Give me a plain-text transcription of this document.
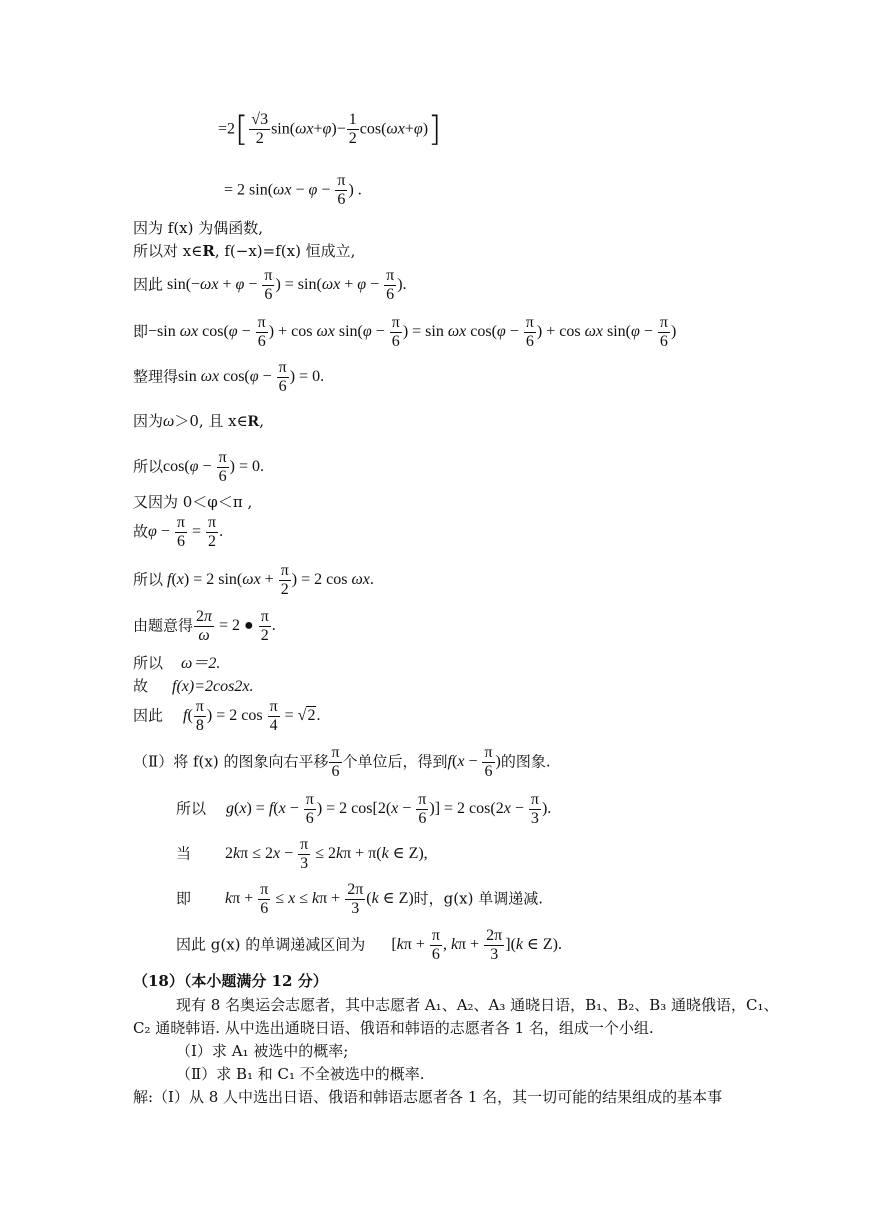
$=2[ \frac{√3}{2} \sin(\omega x+\varphi)- \frac{1}{2} \cos(\omega x+\varphi)]$
= 2 $\sin(\omega x - \varphi - \frac{\pi}{6}$ ) .
因为 f(x) 为偶函数,
所以对 x∈R, f(−x)=f(x) 恒成立,
因此 $\sin(-\omega x + \varphi - \frac{\pi}{6}$ ) = $\sin(\omega x + \varphi - \frac{\pi}{6}$ ).
即−sin ωx $\cos(\varphi - \frac{\pi}{6}$ ) + cos ωx $\sin(\varphi - \frac{\pi}{6}$ ) = sin ωx $\cos(\varphi - \frac{\pi}{6}$ ) + cos ωx $\sin(\varphi - \frac{\pi}{6}$ )
整理得sin ωx $\cos(\varphi - \frac{\pi}{6}$ ) = 0.
因为ω＞0, 且 x∈R,
所以$\cos(\varphi - \frac{\pi}{6}$ ) = 0.
又因为 0＜φ＜π ,
故$\varphi - \frac{\pi}{6} = \frac{\pi}{2}$ .
所以 f(x) = 2 $\sin(\omega x + \frac{\pi}{2}$ ) = 2 cos ωx.
由题意得 $\frac{2\pi}{\omega} = 2$ ● $\frac{\pi}{2}$ .
所以 ω＝2.
故 f(x)=2cos2x.
因此 $f( \frac{\pi}{8}$ ) = 2 $\cos \frac{\pi}{4} = √2$.
（Ⅱ）将 f(x) 的图象向右平移 $\frac{\pi}{6}$ 个单位后，得到$f(x - \frac{\pi}{6}$ )的图象.
所以 $g(x) = f(x - \frac{\pi}{6}$ ) = 2 $\cos[2(x - \frac{\pi}{6}$ )] = 2 $\cos(2x - \frac{\pi}{3}$ ).
当 $2k\pi \le 2x - \frac{\pi}{3} \le 2k\pi + \pi(k$ ∈ Z),
即 $k\pi + \frac{\pi}{6} \le x \le k\pi + \frac{2\pi}{3} (k$ ∈ Z)时，g(x) 单调递减.
因此 g(x) 的单调递减区间为 [$k\pi + \frac{\pi}{6}$ , $k\pi + \frac{2\pi}{3} ](k$ ∈ Z).
（18）（本小题满分 12 分）
现有 8 名奥运会志愿者，其中志愿者 A₁、A₂、A₃ 通晓日语，B₁、B₂、B₃ 通晓俄语，C₁、
C₂ 通晓韩语. 从中选出通晓日语、俄语和韩语的志愿者各 1 名，组成一个小组.
（Ⅰ）求 A₁ 被选中的概率;
（Ⅱ）求 B₁ 和 C₁ 不全被选中的概率.
解:（Ⅰ）从 8 人中选出日语、俄语和韩语志愿者各 1 名，其一切可能的结果组成的基本事
